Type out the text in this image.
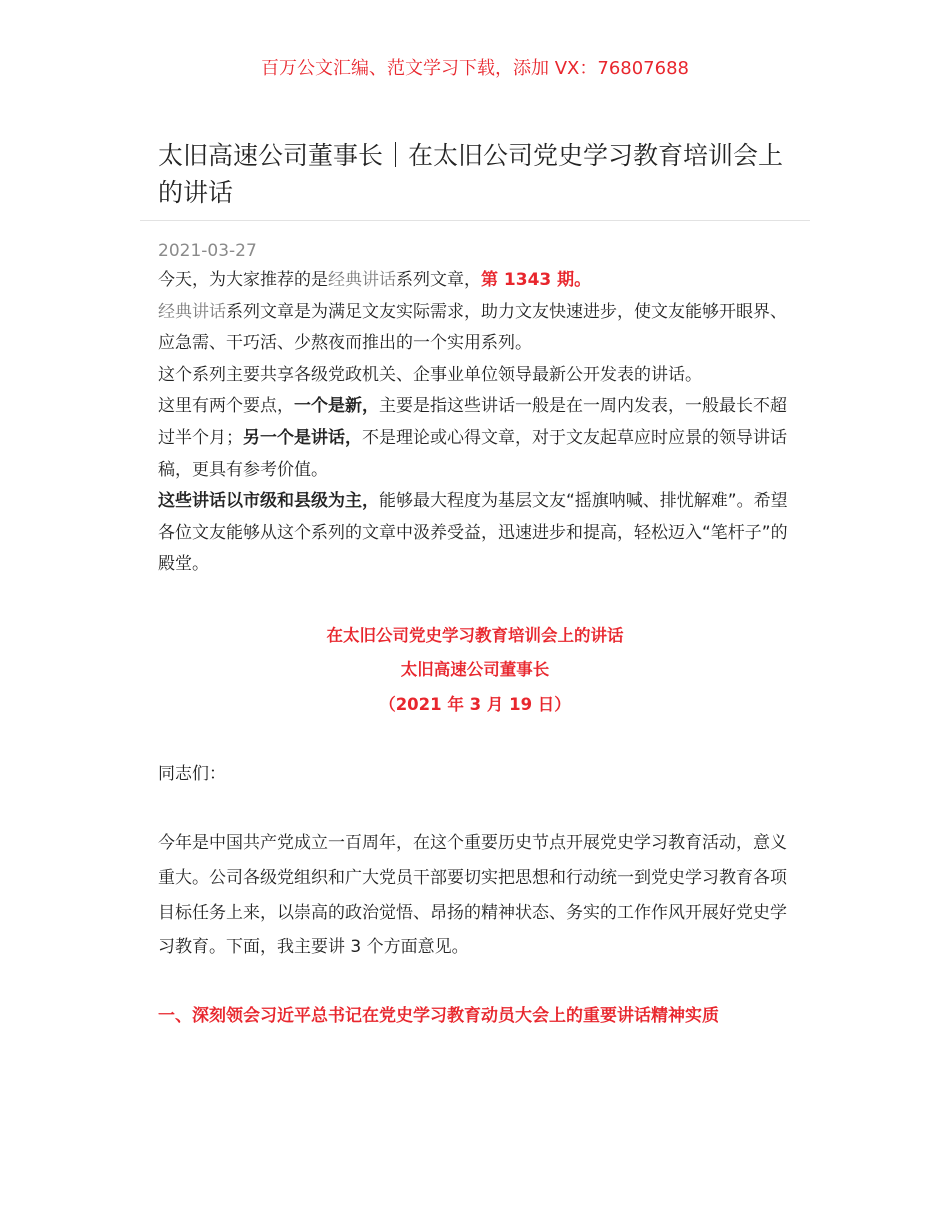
百万公文汇编、范文学习下载，添加 VX：76807688
太旧高速公司董事长｜在太旧公司党史学习教育培训会上的讲话
2021-03-27

今天，为大家推荐的是经典讲话系列文章，第 1343 期。

经典讲话系列文章是为满足文友实际需求，助力文友快速进步，使文友能够开眼界、应急需、干巧活、少熬夜而推出的一个实用系列。

这个系列主要共享各级党政机关、企事业单位领导最新公开发表的讲话。

这里有两个要点，一个是新，主要是指这些讲话一般是在一周内发表，一般最长不超过半个月；另一个是讲话，不是理论或心得文章，对于文友起草应时应景的领导讲话稿，更具有参考价值。

这些讲话以市级和县级为主，能够最大程度为基层文友“摇旗呐喊、排忧解难”。希望各位文友能够从这个系列的文章中汲养受益，迅速进步和提高，轻松迈入“笔杆子”的殿堂。

在太旧公司党史学习教育培训会上的讲话
太旧高速公司董事长
（2021 年 3 月 19 日）

同志们：

今年是中国共产党成立一百周年，在这个重要历史节点开展党史学习教育活动，意义重大。公司各级党组织和广大党员干部要切实把思想和行动统一到党史学习教育各项目标任务上来，以崇高的政治觉悟、昂扬的精神状态、务实的工作作风开展好党史学习教育。下面，我主要讲 3 个方面意见。

一、深刻领会习近平总书记在党史学习教育动员大会上的重要讲话精神实质
